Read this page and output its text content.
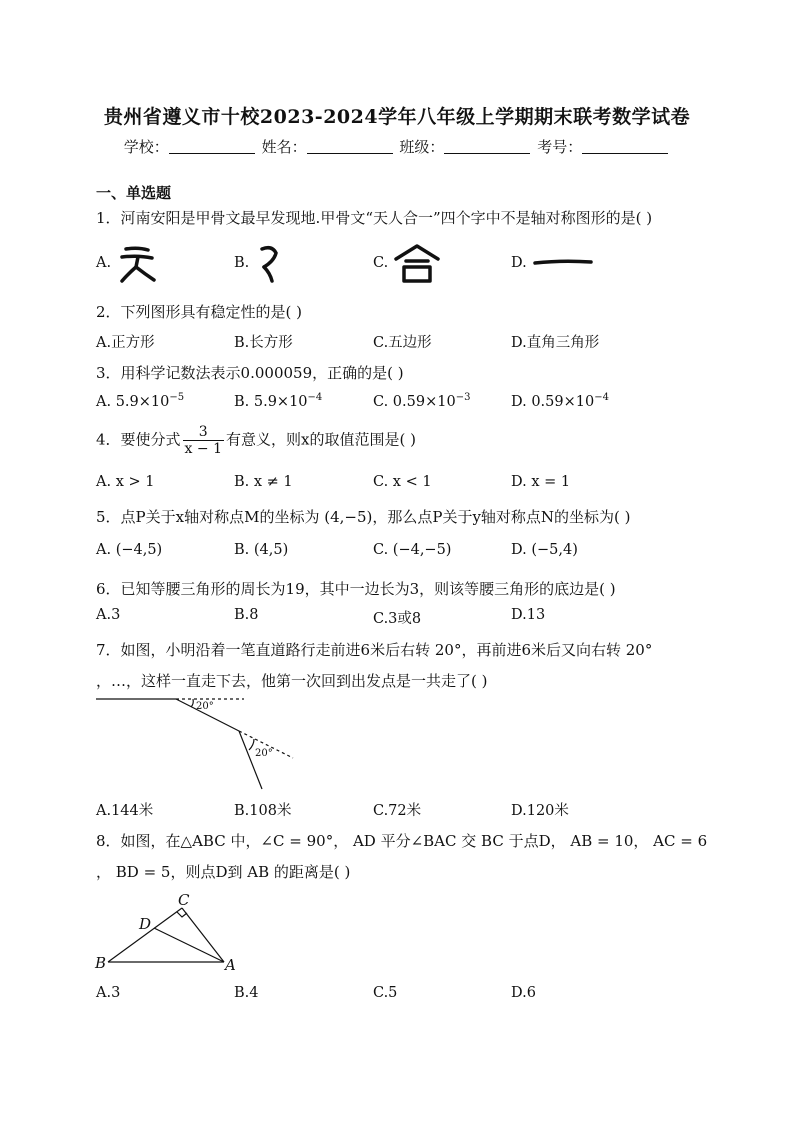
贵州省遵义市十校2023-2024学年八年级上学期期末联考数学试卷
学校：	姓名：	班级：	考号：
一、单选题
1．河南安阳是甲骨文最早发现地.甲骨文“天人合一”四个字中不是轴对称图形的是( )
A.	B.	C.	D.
2．下列图形具有稳定性的是( )
A.正方形	B.长方形	C.五边形	D.直角三角形
3．用科学记数法表示0.000059，正确的是( )
A. $5.9\times 10^{-5}$	B. $5.9\times 10^{-4}$	C. $0.59\times 10^{-3}$	D. $0.59\times 10^{-4}$
4．要使分式 $\frac{3}{x - 1}$ 有意义，则x的取值范围是( )
A. x > 1	B. x ≠ 1	C. x < 1	D. x = 1
5．点P关于x轴对称点M的坐标为 (4,−5)，那么点P关于y轴对称点N的坐标为( )
A. (−4,5)	B. (4,5)	C. (−4,−5)	D. (−5,4)
6．已知等腰三角形的周长为19，其中一边长为3，则该等腰三角形的底边是( )
A.3	B.8	C.3或8	D.13
7．如图，小明沿着一笔直道路行走前进6米后右转 20°，再前进6米后又向右转 20°
，…，这样一直走下去，他第一次回到出发点是一共走了( )
20°
20°
A.144米	B.108米	C.72米	D.120米
8．如图，在△ABC 中，∠C = 90°， AD 平分∠BAC 交 BC 于点D， AB = 10， AC = 6
， BD = 5，则点D到 AB 的距离是( )
B	A
C
D
A.3	B.4	C.5	D.6
